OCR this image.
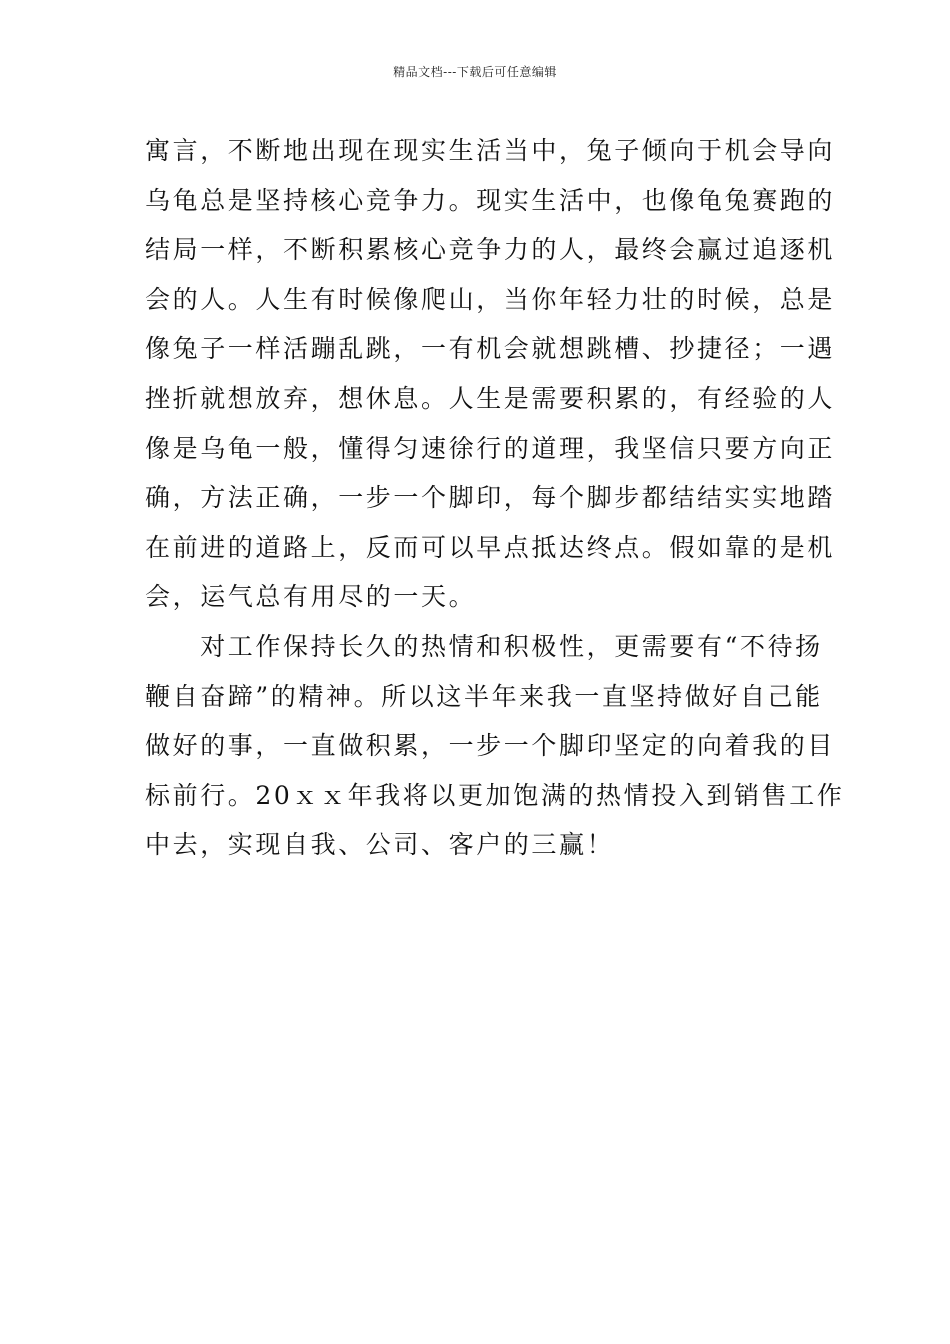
精品文档---下载后可任意编辑
寓言，不断地出现在现实生活当中，兔子倾向于机会导向
乌龟总是坚持核心竞争力。现实生活中，也像龟兔赛跑的
结局一样，不断积累核心竞争力的人，最终会赢过追逐机
会的人。人生有时候像爬山，当你年轻力壮的时候，总是
像兔子一样活蹦乱跳，一有机会就想跳槽、抄捷径；一遇
挫折就想放弃，想休息。人生是需要积累的，有经验的人
像是乌龟一般，懂得匀速徐行的道理，我坚信只要方向正
确，方法正确，一步一个脚印，每个脚步都结结实实地踏
在前进的道路上，反而可以早点抵达终点。假如靠的是机
会，运气总有用尽的一天。
　　对工作保持长久的热情和积极性，更需要有“不待扬
鞭自奋蹄”的精神。所以这半年来我一直坚持做好自己能
做好的事，一直做积累，一步一个脚印坚定的向着我的目
标前行。20ｘｘ年我将以更加饱满的热情投入到销售工作
中去，实现自我、公司、客户的三赢！
